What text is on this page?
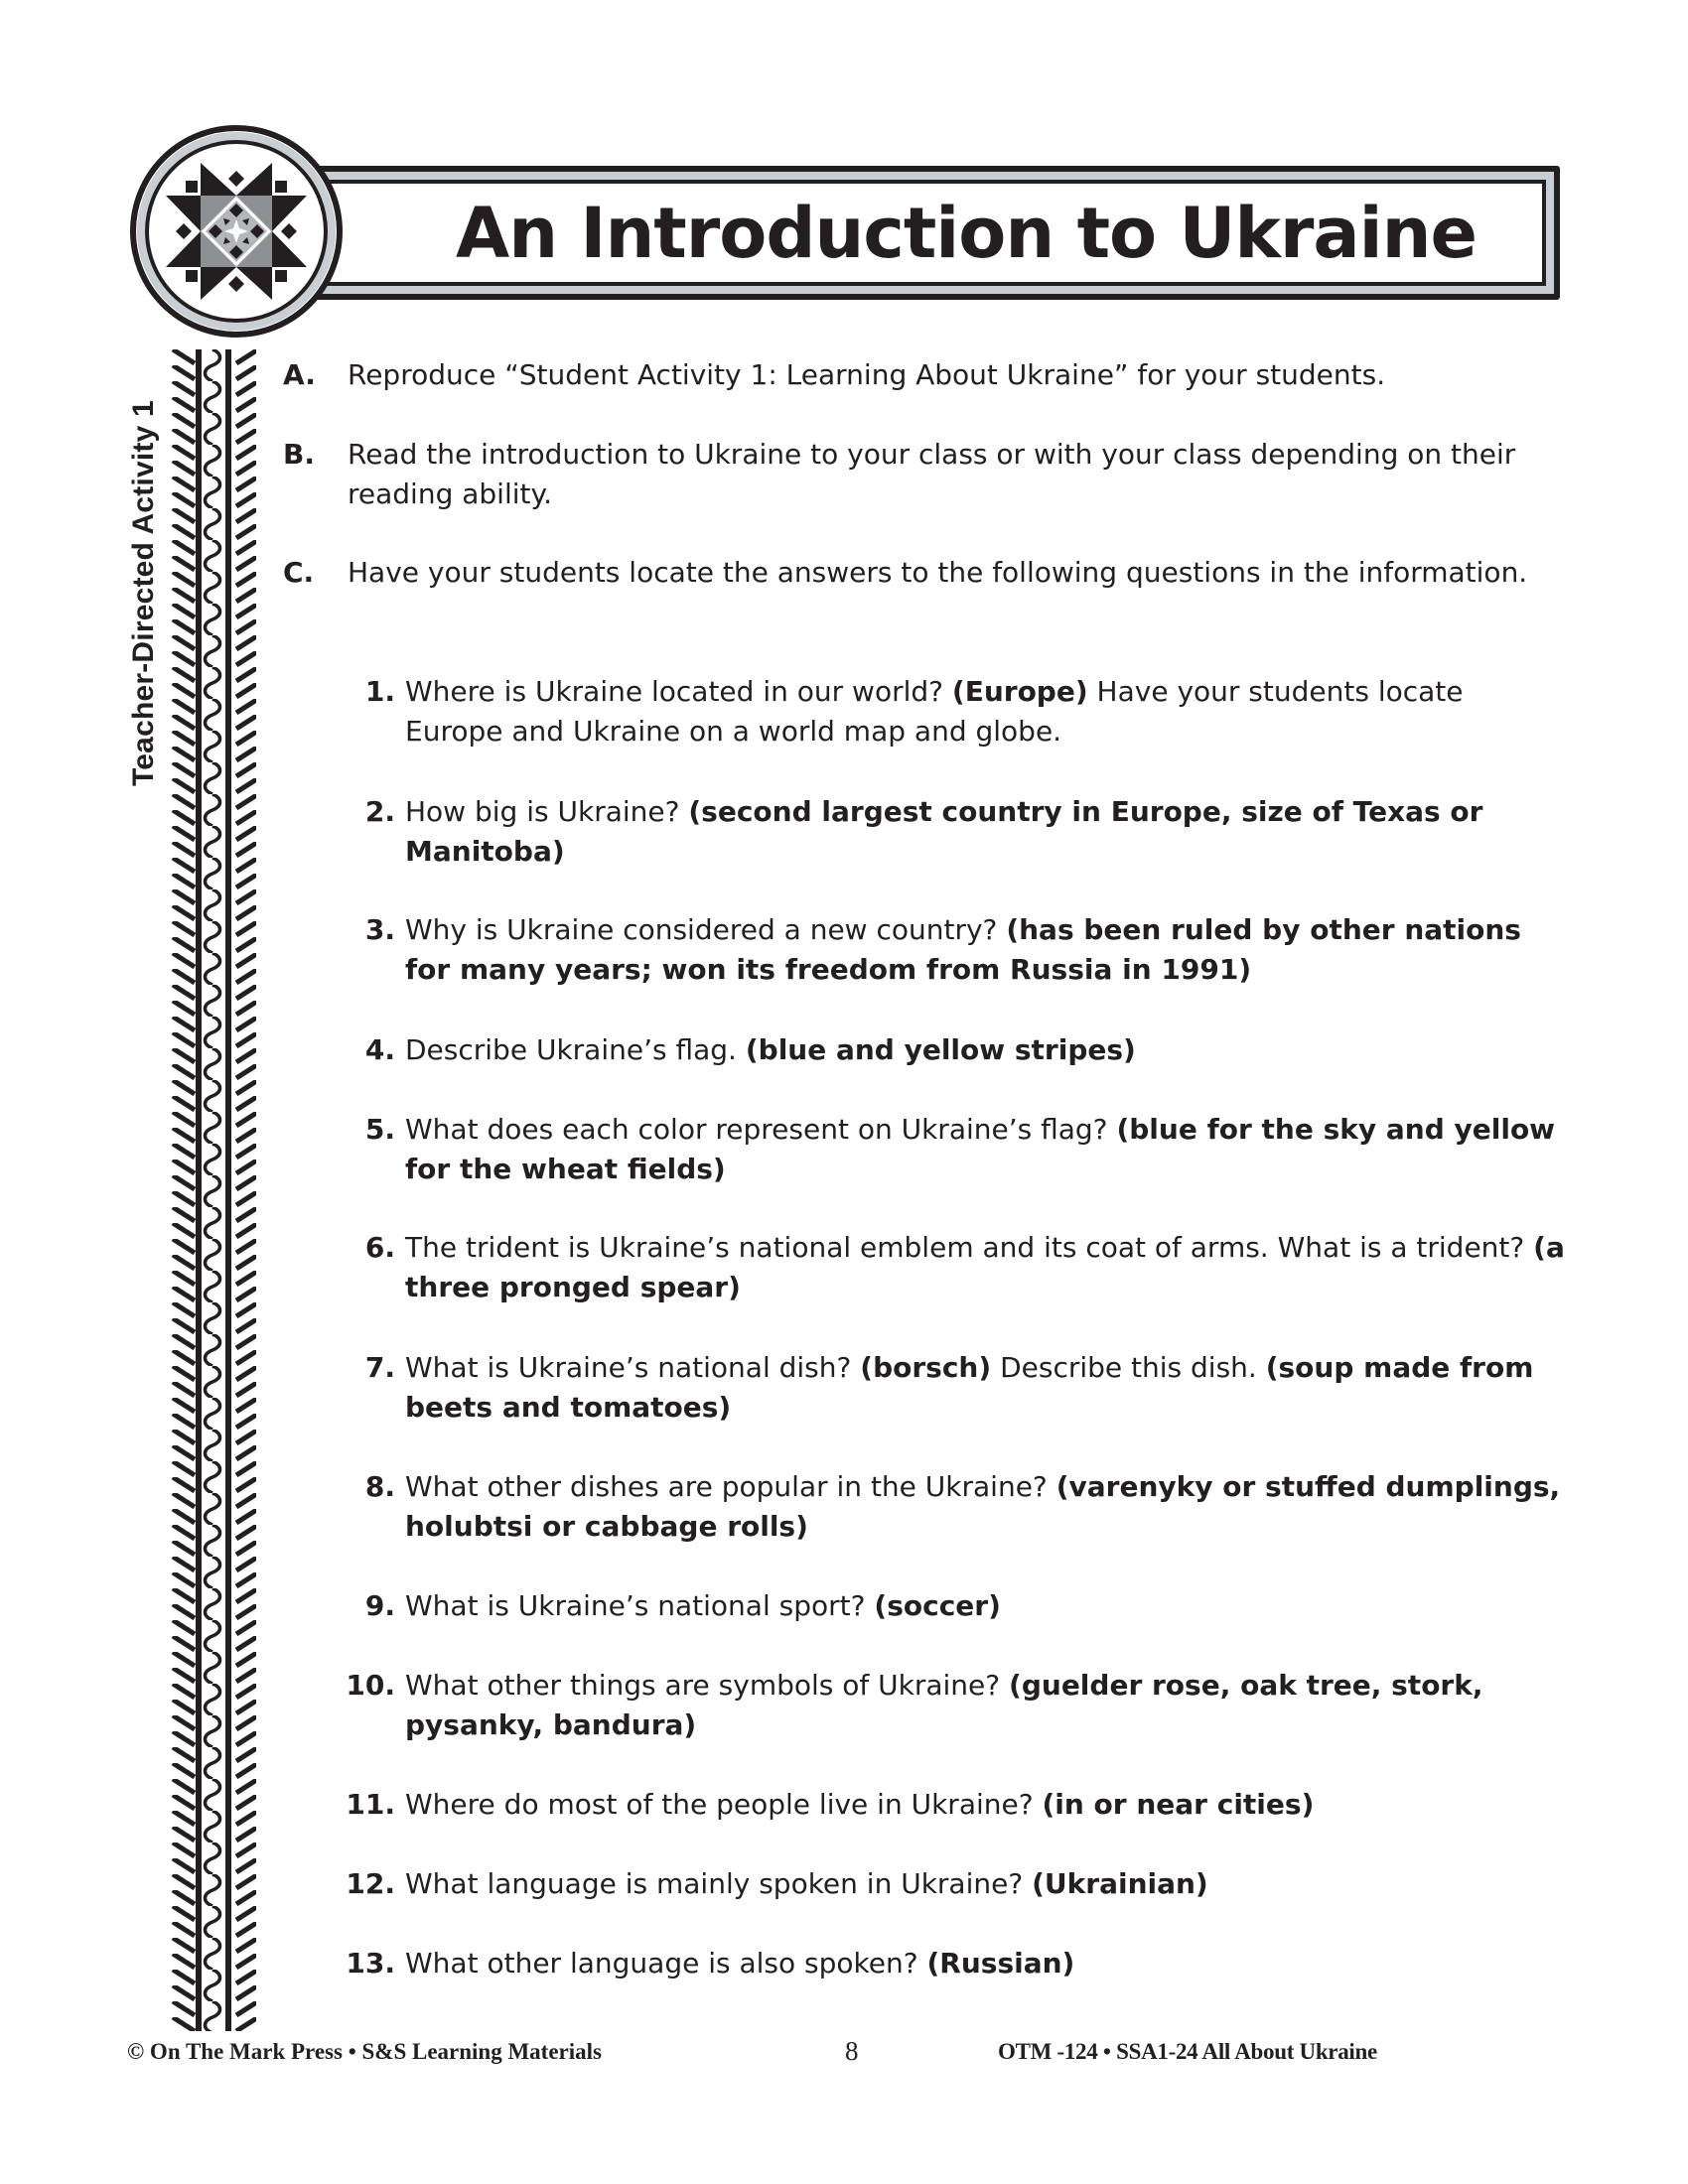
An Introduction to Ukraine
Teacher-Directed Activity 1
A. Reproduce “Student Activity 1: Learning About Ukraine” for your students.
B. Read the introduction to Ukraine to your class or with your class depending on their reading ability.
C. Have your students locate the answers to the following questions in the information.
1. Where is Ukraine located in our world? (Europe) Have your students locate Europe and Ukraine on a world map and globe.
2. How big is Ukraine? (second largest country in Europe, size of Texas or Manitoba)
3. Why is Ukraine considered a new country? (has been ruled by other nations for many years; won its freedom from Russia in 1991)
4. Describe Ukraine’s flag. (blue and yellow stripes)
5. What does each color represent on Ukraine’s flag? (blue for the sky and yellow for the wheat fields)
6. The trident is Ukraine’s national emblem and its coat of arms. What is a trident? (a three pronged spear)
7. What is Ukraine’s national dish? (borsch) Describe this dish. (soup made from beets and tomatoes)
8. What other dishes are popular in the Ukraine? (varenyky or stuffed dumplings, holubtsi or cabbage rolls)
9. What is Ukraine’s national sport? (soccer)
10. What other things are symbols of Ukraine? (guelder rose, oak tree, stork, pysanky, bandura)
11. Where do most of the people live in Ukraine? (in or near cities)
12. What language is mainly spoken in Ukraine? (Ukrainian)
13. What other language is also spoken? (Russian)
© On The Mark Press • S&S Learning Materials	8	OTM -124 • SSA1-24 All About Ukraine
